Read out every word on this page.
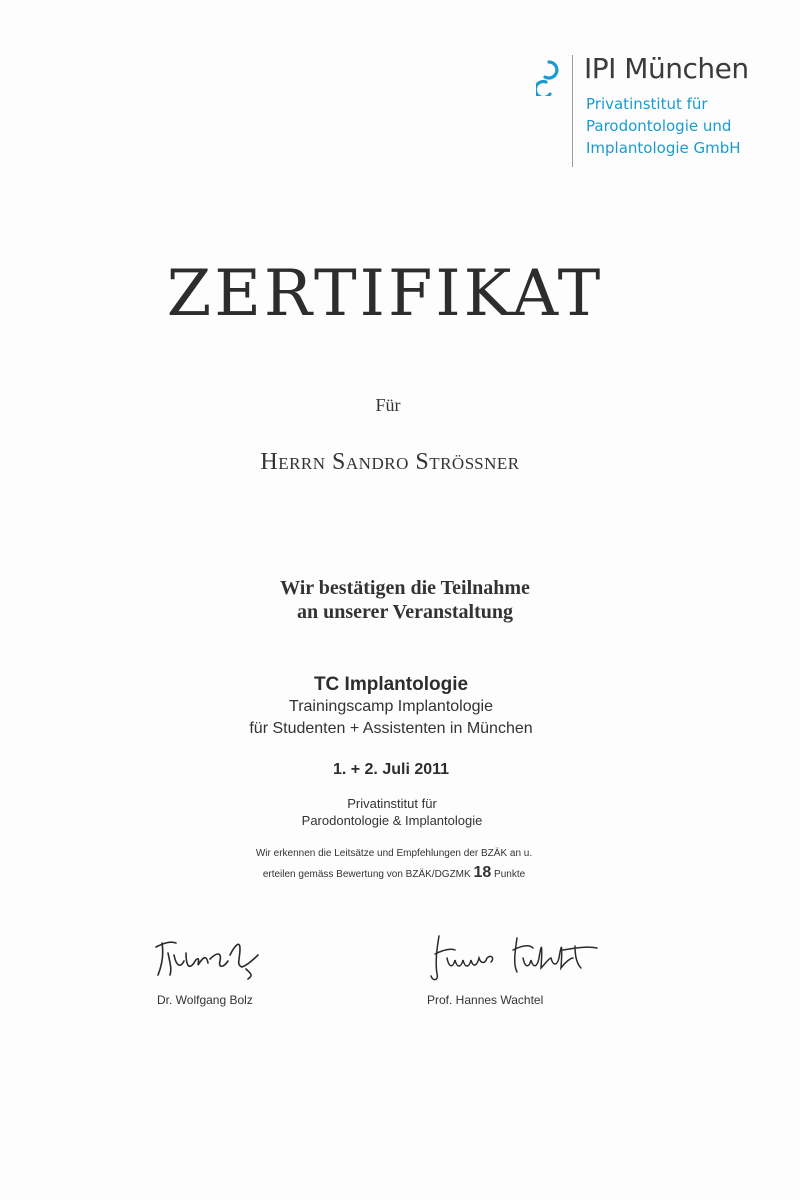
IPI München
Privatinstitut für
Parodontologie und
Implantologie GmbH
ZERTIFIKAT
Für
Herrn Sandro Strößner
Wir bestätigen die Teilnahme
an unserer Veranstaltung
TC Implantologie
Trainingscamp Implantologie
für Studenten + Assistenten in München
1. + 2. Juli 2011
Privatinstitut für
Parodontologie & Implantologie
Wir erkennen die Leitsätze und Empfehlungen der BZÄK an u.
erteilen gemäss Bewertung von BZÄK/DGZMK 18 Punkte
Dr. Wolfgang Bolz	Prof. Hannes Wachtel
